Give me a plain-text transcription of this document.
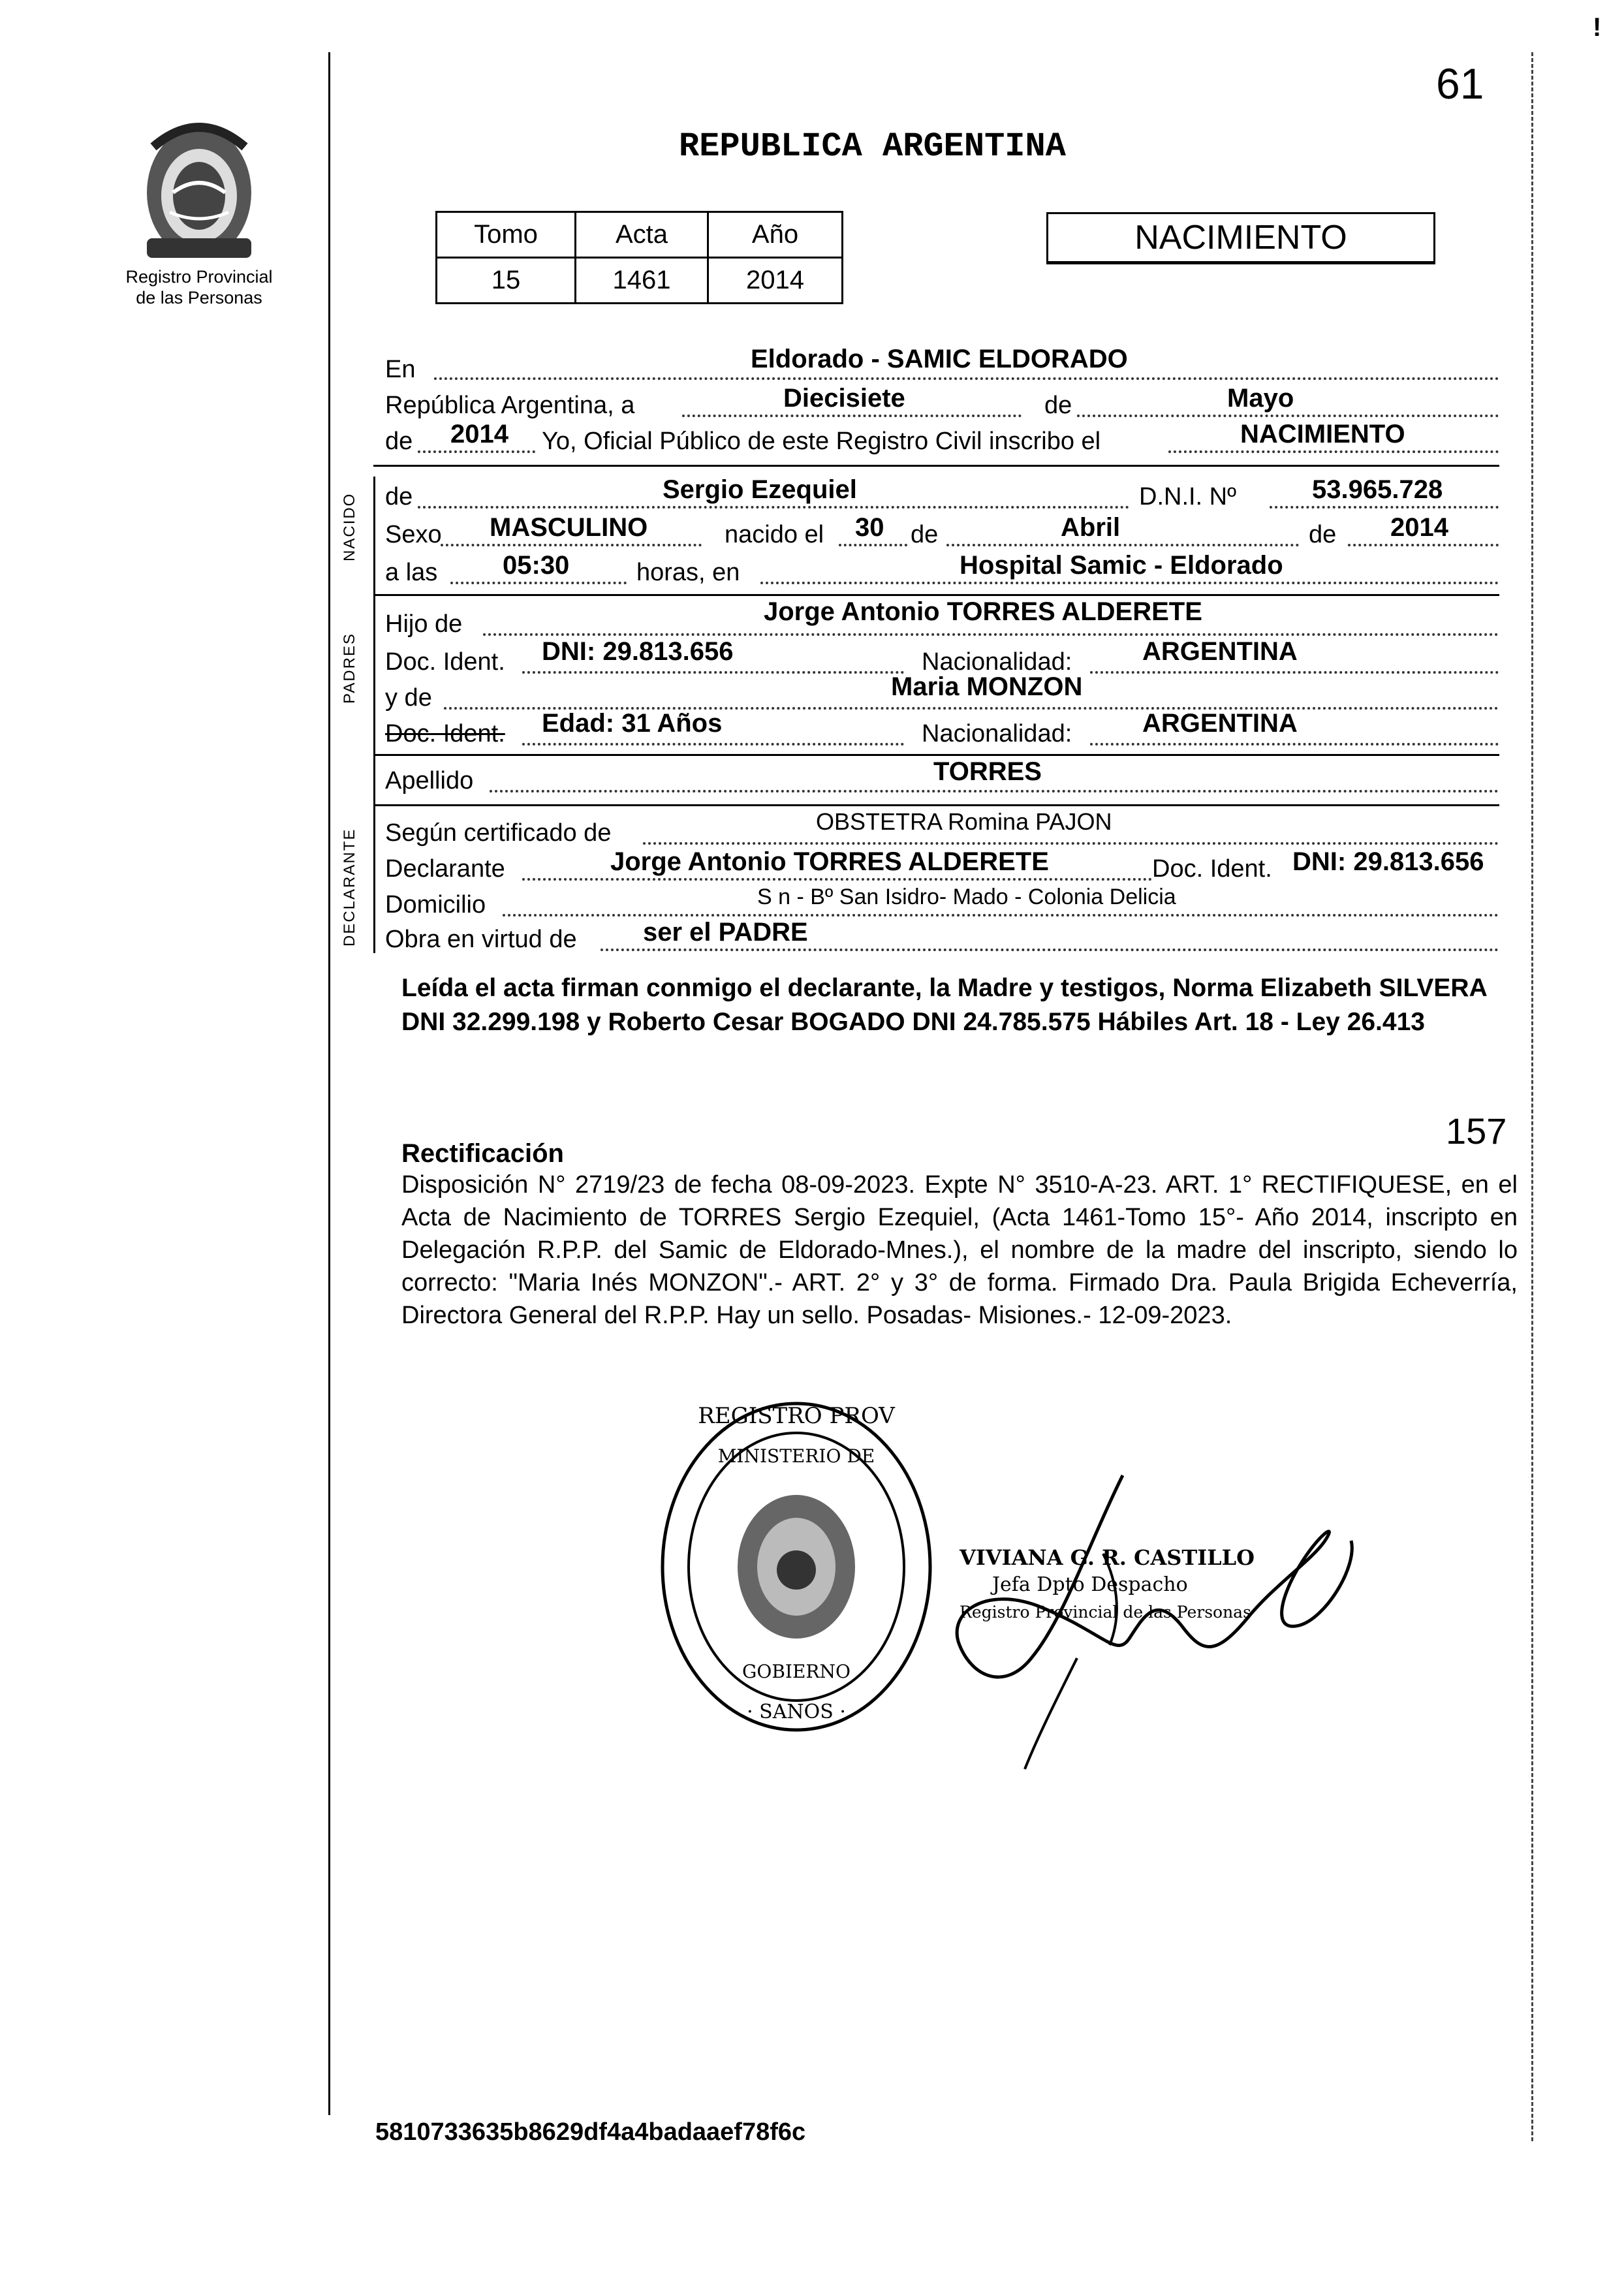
61
!
Registro Provincial
de las Personas
REPUBLICA ARGENTINA
Tomo	Acta	Año
15	1461	2014
NACIMIENTO
En	Eldorado - SAMIC ELDORADO
República Argentina, a	Diecisiete	de	Mayo
de 2014 Yo, Oficial Público de este Registro Civil inscribo el	NACIMIENTO
NACIDO de	Sergio Ezequiel	D.N.I. Nº	53.965.728
Sexo MASCULINO	nacido el 30 de	Abril	de 2014
a las 05:30	horas, en	Hospital Samic - Eldorado
PADRES
Hijo de	Jorge Antonio TORRES ALDERETE
Doc. Ident. DNI: 29.813.656	Nacionalidad:	ARGENTINA
y de	Maria MONZON
Doc. Ident. Edad: 31 Años	Nacionalidad:	ARGENTINA
Apellido	TORRES
DECLARANTE Según certificado de	OBSTETRA Romina PAJON
Declarante	Jorge Antonio TORRES ALDERETE	Doc. Ident. DNI: 29.813.656
Domicilio	S n - Bº San Isidro- Mado - Colonia Delicia
Obra en virtud de	ser el PADRE
Leída el acta firman conmigo el declarante, la Madre y testigos, Norma Elizabeth SILVERA DNI 32.299.198 y Roberto Cesar BOGADO DNI 24.785.575 Hábiles Art. 18 - Ley 26.413
157
Rectificación
Disposición N° 2719/23 de fecha 08-09-2023. Expte N° 3510-A-23. ART. 1° RECTIFIQUESE, en el Acta de Nacimiento de TORRES Sergio Ezequiel, (Acta 1461-Tomo 15°- Año 2014, inscripto en Delegación R.P.P. del Samic de Eldorado-Mnes.), el nombre de la madre del inscripto, siendo lo correcto: "Maria Inés MONZON".- ART. 2° y 3° de forma. Firmado Dra. Paula Brigida Echeverría, Directora General del R.P.P. Hay un sello. Posadas- Misiones.- 12-09-2023.
REGISTRO PROV
MINISTERIO DE
GOBIERNO
· SANOS ·
VIVIANA G. R. CASTILLO
Jefa Dpto Despacho
Registro Provincial de las Personas
5810733635b8629df4a4badaaef78f6c
